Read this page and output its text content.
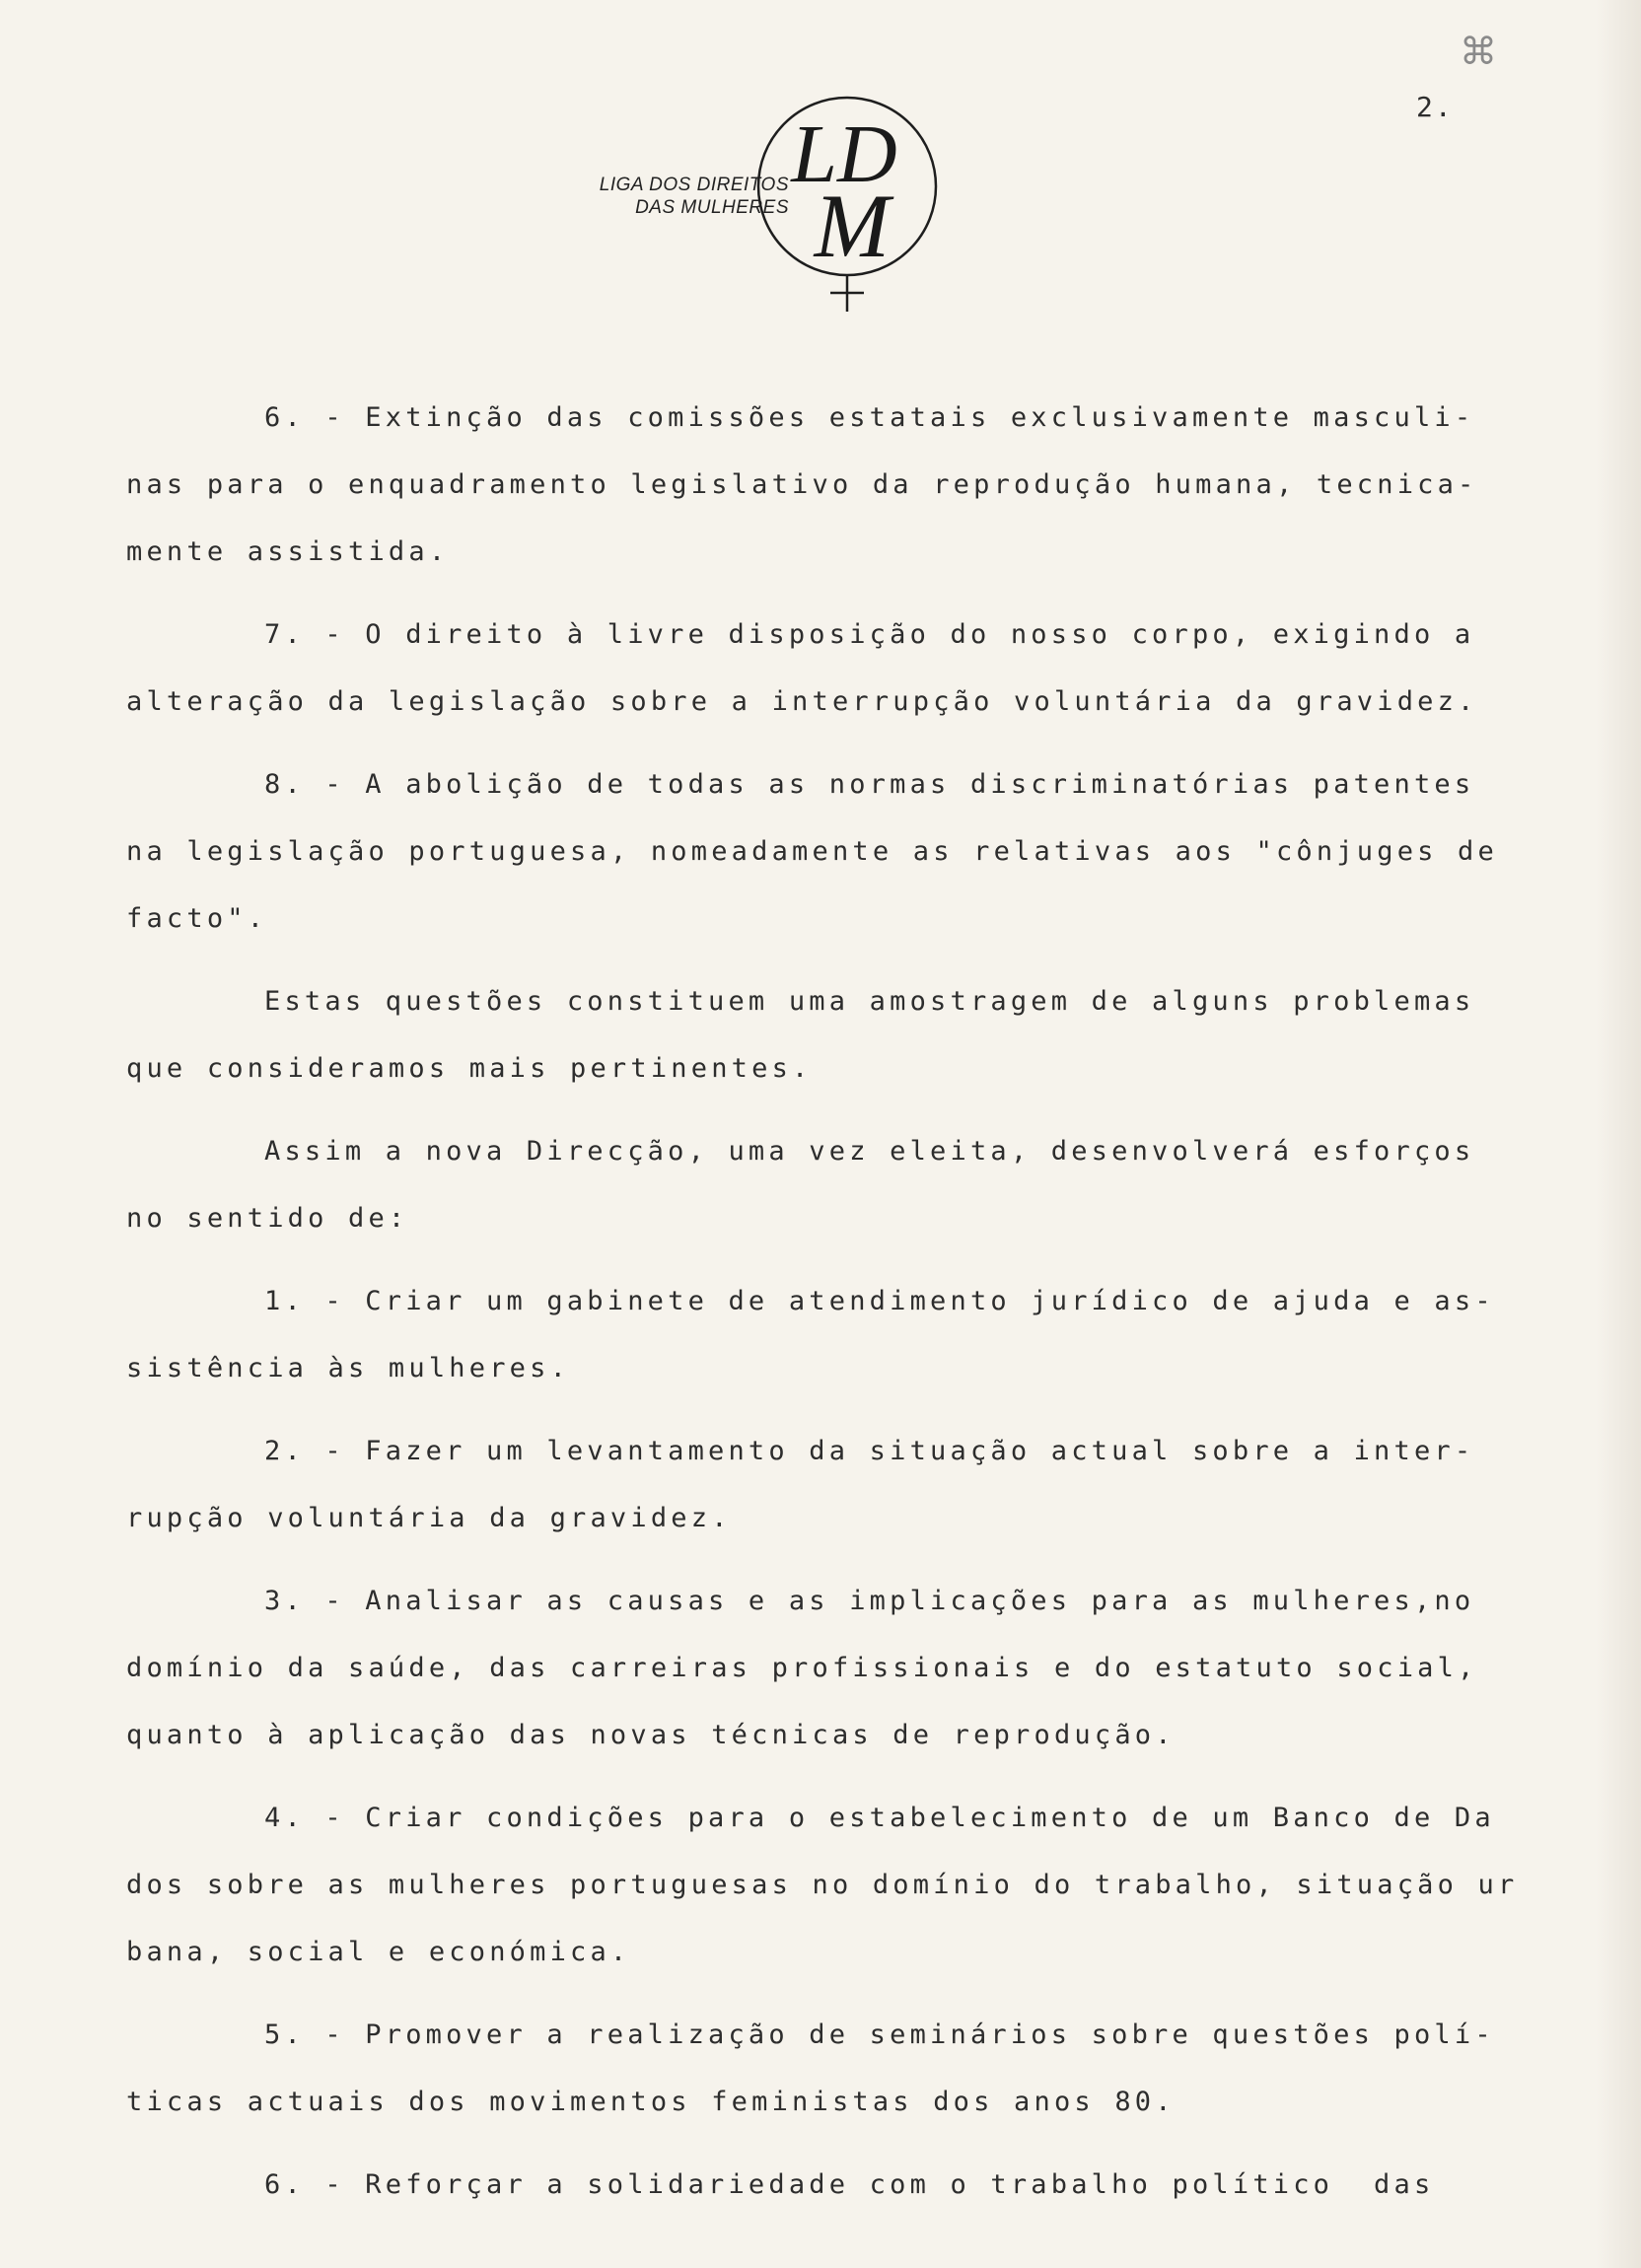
⌘
2.
LIGA DOS DIREITOS
DAS MULHERES
LD
M
6. - Extinção das comissões estatais exclusivamente masculi-
nas para o enquadramento legislativo da reprodução humana, tecnica-
mente assistida.
7. - O direito à livre disposição do nosso corpo, exigindo a
alteração da legislação sobre a interrupção voluntária da gravidez.
8. - A abolição de todas as normas discriminatórias patentes
na legislação portuguesa, nomeadamente as relativas aos "cônjuges de
facto".
Estas questões constituem uma amostragem de alguns problemas
que consideramos mais pertinentes.
Assim a nova Direcção, uma vez eleita, desenvolverá esforços
no sentido de:
1. - Criar um gabinete de atendimento jurídico de ajuda e as-
sistência às mulheres.
2. - Fazer um levantamento da situação actual sobre a inter-
rupção voluntária da gravidez.
3. - Analisar as causas e as implicações para as mulheres,no
domínio da saúde, das carreiras profissionais e do estatuto social,
quanto à aplicação das novas técnicas de reprodução.
4. - Criar condições para o estabelecimento de um Banco de Da
dos sobre as mulheres portuguesas no domínio do trabalho, situação ur
bana, social e económica.
5. - Promover a realização de seminários sobre questões polí-
ticas actuais dos movimentos feministas dos anos 80.
6. - Reforçar a solidariedade com o trabalho político  das
